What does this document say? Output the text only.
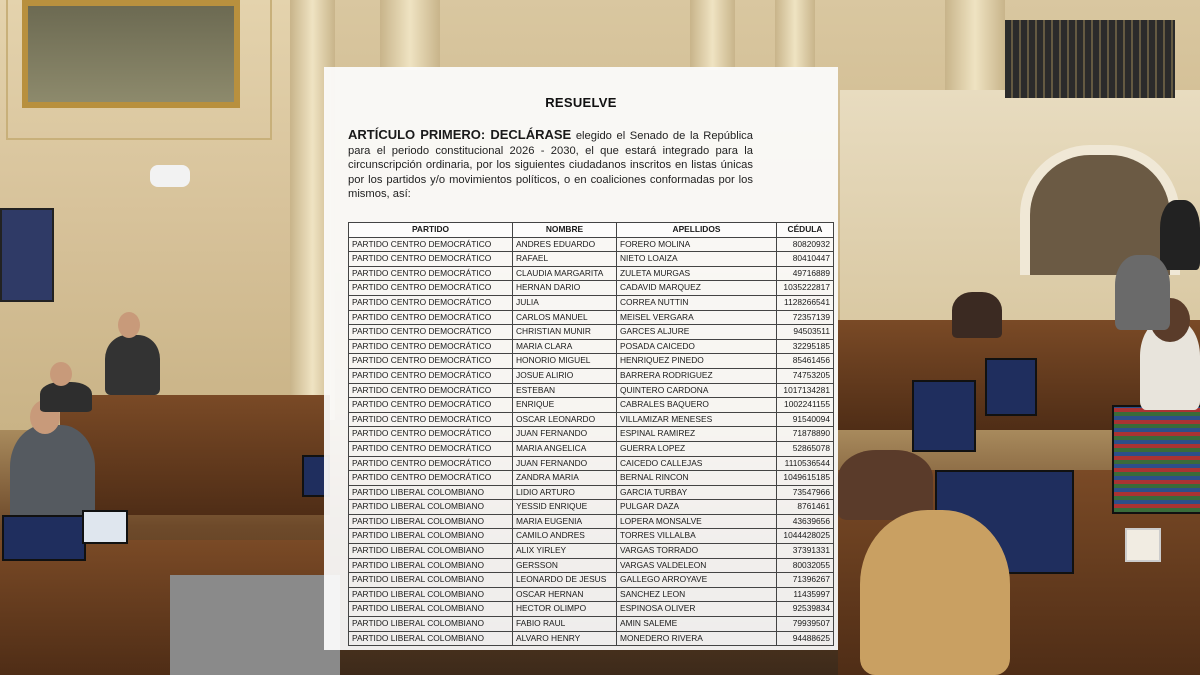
RESUELVE
ARTÍCULO PRIMERO: DECLÁRASE elegido el Senado de la República para el periodo constitucional 2026 - 2030, el que estará integrado para la circunscripción ordinaria, por los siguientes ciudadanos inscritos en listas únicas por los partidos y/o movimientos políticos, o en coaliciones conformadas por los mismos, así:
PARTIDO	NOMBRE	APELLIDOS	CÉDULA
PARTIDO CENTRO DEMOCRÁTICO	ANDRES EDUARDO	FORERO MOLINA	80820932
PARTIDO CENTRO DEMOCRÁTICO	RAFAEL	NIETO LOAIZA	80410447
PARTIDO CENTRO DEMOCRÁTICO	CLAUDIA MARGARITA	ZULETA MURGAS	49716889
PARTIDO CENTRO DEMOCRÁTICO	HERNAN DARIO	CADAVID MARQUEZ	1035222817
PARTIDO CENTRO DEMOCRÁTICO	JULIA	CORREA NUTTIN	1128266541
PARTIDO CENTRO DEMOCRÁTICO	CARLOS MANUEL	MEISEL VERGARA	72357139
PARTIDO CENTRO DEMOCRÁTICO	CHRISTIAN MUNIR	GARCES ALJURE	94503511
PARTIDO CENTRO DEMOCRÁTICO	MARIA CLARA	POSADA CAICEDO	32295185
PARTIDO CENTRO DEMOCRÁTICO	HONORIO MIGUEL	HENRIQUEZ PINEDO	85461456
PARTIDO CENTRO DEMOCRÁTICO	JOSUE ALIRIO	BARRERA RODRIGUEZ	74753205
PARTIDO CENTRO DEMOCRÁTICO	ESTEBAN	QUINTERO CARDONA	1017134281
PARTIDO CENTRO DEMOCRÁTICO	ENRIQUE	CABRALES BAQUERO	1002241155
PARTIDO CENTRO DEMOCRÁTICO	OSCAR LEONARDO	VILLAMIZAR MENESES	91540094
PARTIDO CENTRO DEMOCRÁTICO	JUAN FERNANDO	ESPINAL RAMIREZ	71878890
PARTIDO CENTRO DEMOCRÁTICO	MARIA ANGELICA	GUERRA LOPEZ	52865078
PARTIDO CENTRO DEMOCRÁTICO	JUAN FERNANDO	CAICEDO CALLEJAS	1110536544
PARTIDO CENTRO DEMOCRÁTICO	ZANDRA MARIA	BERNAL RINCON	1049615185
PARTIDO LIBERAL COLOMBIANO	LIDIO ARTURO	GARCIA TURBAY	73547966
PARTIDO LIBERAL COLOMBIANO	YESSID ENRIQUE	PULGAR DAZA	8761461
PARTIDO LIBERAL COLOMBIANO	MARIA EUGENIA	LOPERA MONSALVE	43639656
PARTIDO LIBERAL COLOMBIANO	CAMILO ANDRES	TORRES VILLALBA	1044428025
PARTIDO LIBERAL COLOMBIANO	ALIX YIRLEY	VARGAS TORRADO	37391331
PARTIDO LIBERAL COLOMBIANO	GERSSON	VARGAS VALDELEON	80032055
PARTIDO LIBERAL COLOMBIANO	LEONARDO DE JESUS	GALLEGO ARROYAVE	71396267
PARTIDO LIBERAL COLOMBIANO	OSCAR HERNAN	SANCHEZ LEON	11435997
PARTIDO LIBERAL COLOMBIANO	HECTOR OLIMPO	ESPINOSA OLIVER	92539834
PARTIDO LIBERAL COLOMBIANO	FABIO RAUL	AMIN SALEME	79939507
PARTIDO LIBERAL COLOMBIANO	ALVARO HENRY	MONEDERO RIVERA	94488625
